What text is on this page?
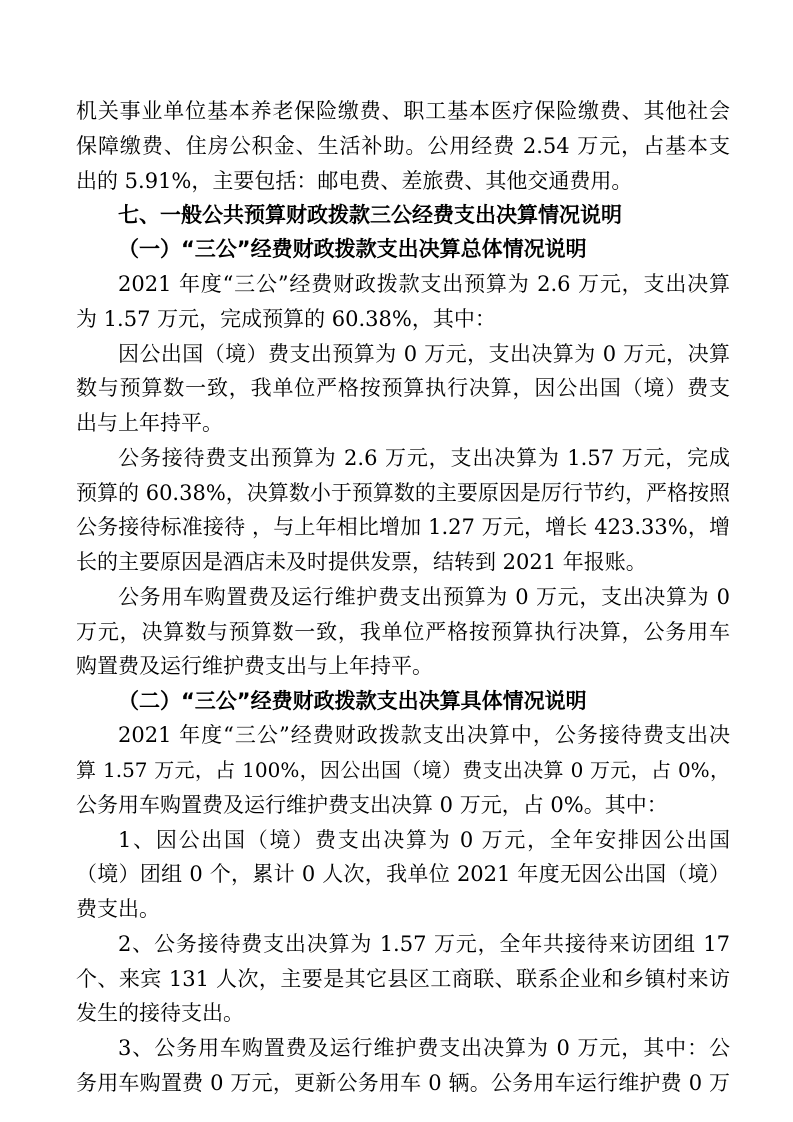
机关事业单位基本养老保险缴费、职工基本医疗保险缴费、其他社会
保障缴费、住房公积金、生活补助。公用经费 2.54 万元，占基本支
出的 5.91%，主要包括：邮电费、差旅费、其他交通费用。
七、一般公共预算财政拨款三公经费支出决算情况说明
（一）“三公”经费财政拨款支出决算总体情况说明
2021 年度“三公”经费财政拨款支出预算为 2.6 万元，支出决算
为 1.57 万元，完成预算的 60.38%，其中：
因公出国（境）费支出预算为 0 万元，支出决算为 0 万元，决算
数与预算数一致，我单位严格按预算执行决算，因公出国（境）费支
出与上年持平。
公务接待费支出预算为 2.6 万元，支出决算为 1.57 万元，完成
预算的 60.38%，决算数小于预算数的主要原因是厉行节约，严格按照
公务接待标准接待 ，与上年相比增加 1.27 万元，增长 423.33%，增
长的主要原因是酒店未及时提供发票，结转到 2021 年报账。
公务用车购置费及运行维护费支出预算为 0 万元，支出决算为 0
万元，决算数与预算数一致，我单位严格按预算执行决算，公务用车
购置费及运行维护费支出与上年持平。
（二）“三公”经费财政拨款支出决算具体情况说明
2021 年度“三公”经费财政拨款支出决算中，公务接待费支出决
算 1.57 万元，占 100%，因公出国（境）费支出决算 0 万元，占 0%，
公务用车购置费及运行维护费支出决算 0 万元，占 0%。其中：
1、因公出国（境）费支出决算为 0 万元，全年安排因公出国
（境）团组 0 个，累计 0 人次，我单位 2021 年度无因公出国（境）
费支出。
2、公务接待费支出决算为 1.57 万元，全年共接待来访团组 17
个、来宾 131 人次，主要是其它县区工商联、联系企业和乡镇村来访
发生的接待支出。
3、公务用车购置费及运行维护费支出决算为 0 万元，其中：公
务用车购置费 0 万元，更新公务用车 0 辆。公务用车运行维护费 0 万
